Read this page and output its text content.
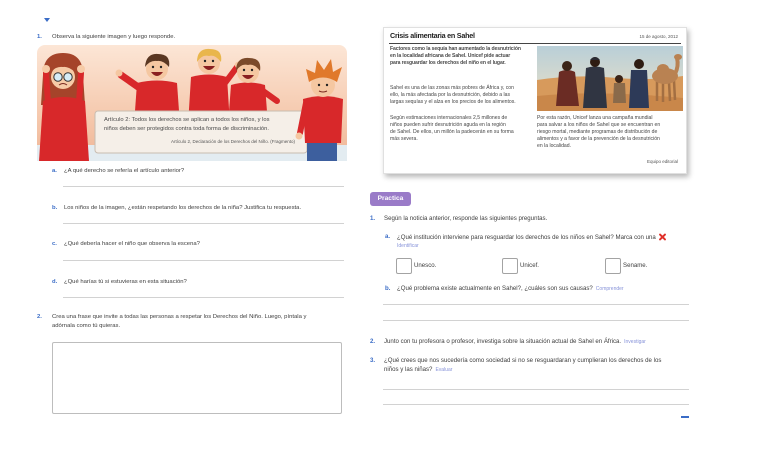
1. Observa la siguiente imagen y luego responde.
Artículo 2: Todos los derechos se aplican a todos los niños, y los
niños deben ser protegidos contra toda forma de discriminación.
Artículo 2, Declaración de los Derechos del Niño. (Fragmento)
a. ¿A qué derecho se refería el artículo anterior?
b. Los niños de la imagen, ¿están respetando los derechos de la niña? Justifica tu respuesta.
c. ¿Qué debería hacer el niño que observa la escena?
d. ¿Qué harías tú si estuvieras en esta situación?
2. Crea una frase que invite a todas las personas a respetar los Derechos del Niño. Luego, píntala y
adórnala como tú quieras.
Crisis alimentaria en Sahel	15 de agosto, 2012
Factores como la sequía han aumentado la desnutrición
en la localidad africana de Sahel. Unicef pide actuar
para resguardar los derechos del niño en el lugar.
Sahel es una de las zonas más pobres de África y, con
ello, la más afectada por la desnutrición, debido a las
largas sequías y el alza en los precios de los alimentos.
Según estimaciones internacionales 2,5 millones de
niños pueden sufrir desnutrición aguda en la región
de Sahel. De ellos, un millón la padecerán en su forma
más severa.
Por esta razón, Unicef lanza una campaña mundial
para salvar a los niños de Sahel que se encuentran en
riesgo mortal, mediante programas de distribución de
alimentos y a favor de la prevención de la desnutrición
en la localidad.
Equipo editorial
Practica
1. Según la noticia anterior, responde las siguientes preguntas.
a. ¿Qué institución interviene para resguardar los derechos de los niños en Sahel? Marca con una
Identificar
Unesco.	Unicef.	Sename.
b. ¿Qué problema existe actualmente en Sahel?, ¿cuáles son sus causas? Comprender
2. Junto con tu profesora o profesor, investiga sobre la situación actual de Sahel en África. Investigar
3. ¿Qué crees que nos sucedería como sociedad si no se resguardaran y cumplieran los derechos de los
niños y las niñas? Evaluar
